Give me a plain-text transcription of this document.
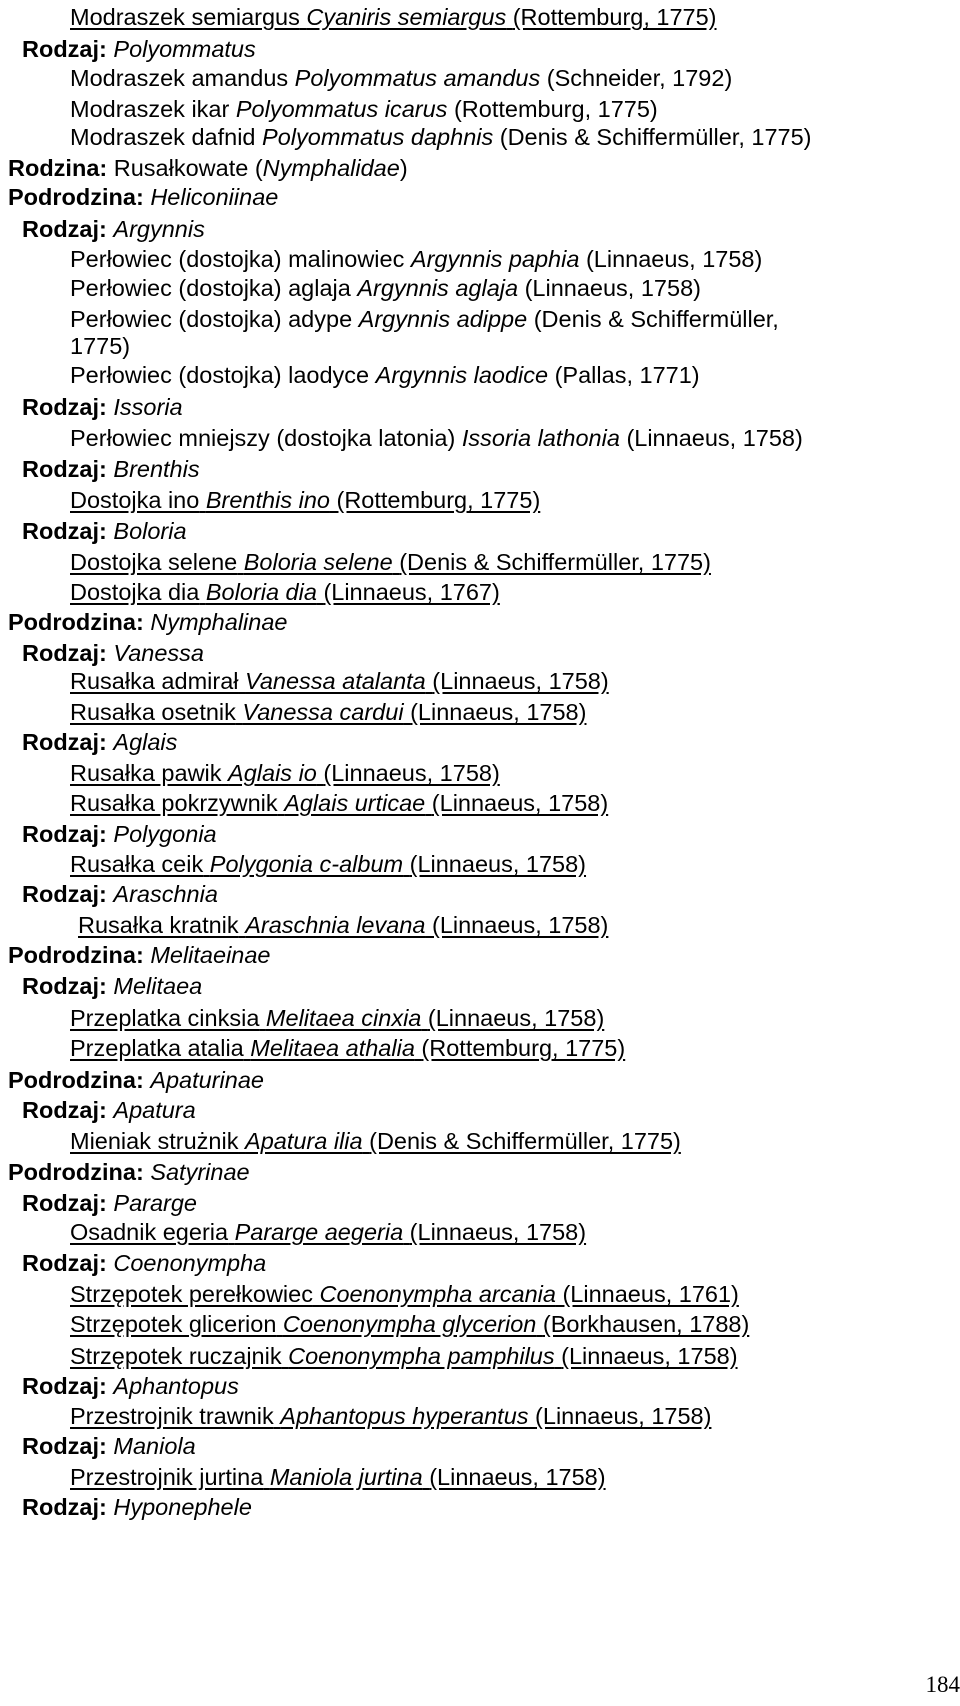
Modraszek semiargus Cyaniris semiargus (Rottemburg, 1775)
Rodzaj: Polyommatus
Modraszek amandus Polyommatus amandus (Schneider, 1792)
Modraszek ikar Polyommatus icarus (Rottemburg, 1775)
Modraszek dafnid Polyommatus daphnis (Denis & Schiffermüller, 1775)
Rodzina: Rusałkowate (Nymphalidae)
Podrodzina: Heliconiinae
Rodzaj: Argynnis
Perłowiec (dostojka) malinowiec Argynnis paphia (Linnaeus, 1758)
Perłowiec (dostojka) aglaja Argynnis aglaja (Linnaeus, 1758)
Perłowiec (dostojka) adype Argynnis adippe (Denis & Schiffermüller,
1775)
Perłowiec (dostojka) laodyce Argynnis laodice (Pallas, 1771)
Rodzaj: Issoria
Perłowiec mniejszy (dostojka latonia) Issoria lathonia (Linnaeus, 1758)
Rodzaj: Brenthis
Dostojka ino Brenthis ino (Rottemburg, 1775)
Rodzaj: Boloria
Dostojka selene Boloria selene (Denis & Schiffermüller, 1775)
Dostojka dia Boloria dia (Linnaeus, 1767)
Podrodzina: Nymphalinae
Rodzaj: Vanessa
Rusałka admirał Vanessa atalanta (Linnaeus, 1758)
Rusałka osetnik Vanessa cardui (Linnaeus, 1758)
Rodzaj: Aglais
Rusałka pawik Aglais io (Linnaeus, 1758)
Rusałka pokrzywnik Aglais urticae (Linnaeus, 1758)
Rodzaj: Polygonia
Rusałka ceik Polygonia c-album (Linnaeus, 1758)
Rodzaj: Araschnia
Rusałka kratnik Araschnia levana (Linnaeus, 1758)
Podrodzina: Melitaeinae
Rodzaj: Melitaea
Przeplatka cinksia Melitaea cinxia (Linnaeus, 1758)
Przeplatka atalia Melitaea athalia (Rottemburg, 1775)
Podrodzina: Apaturinae
Rodzaj: Apatura
Mieniak strużnik Apatura ilia (Denis & Schiffermüller, 1775)
Podrodzina: Satyrinae
Rodzaj: Pararge
Osadnik egeria Pararge aegeria (Linnaeus, 1758)
Rodzaj: Coenonympha
Strzępotek perełkowiec Coenonympha arcania (Linnaeus, 1761)
Strzępotek glicerion Coenonympha glycerion (Borkhausen, 1788)
Strzępotek ruczajnik Coenonympha pamphilus (Linnaeus, 1758)
Rodzaj: Aphantopus
Przestrojnik trawnik Aphantopus hyperantus (Linnaeus, 1758)
Rodzaj: Maniola
Przestrojnik jurtina Maniola jurtina (Linnaeus, 1758)
Rodzaj: Hyponephele
184
